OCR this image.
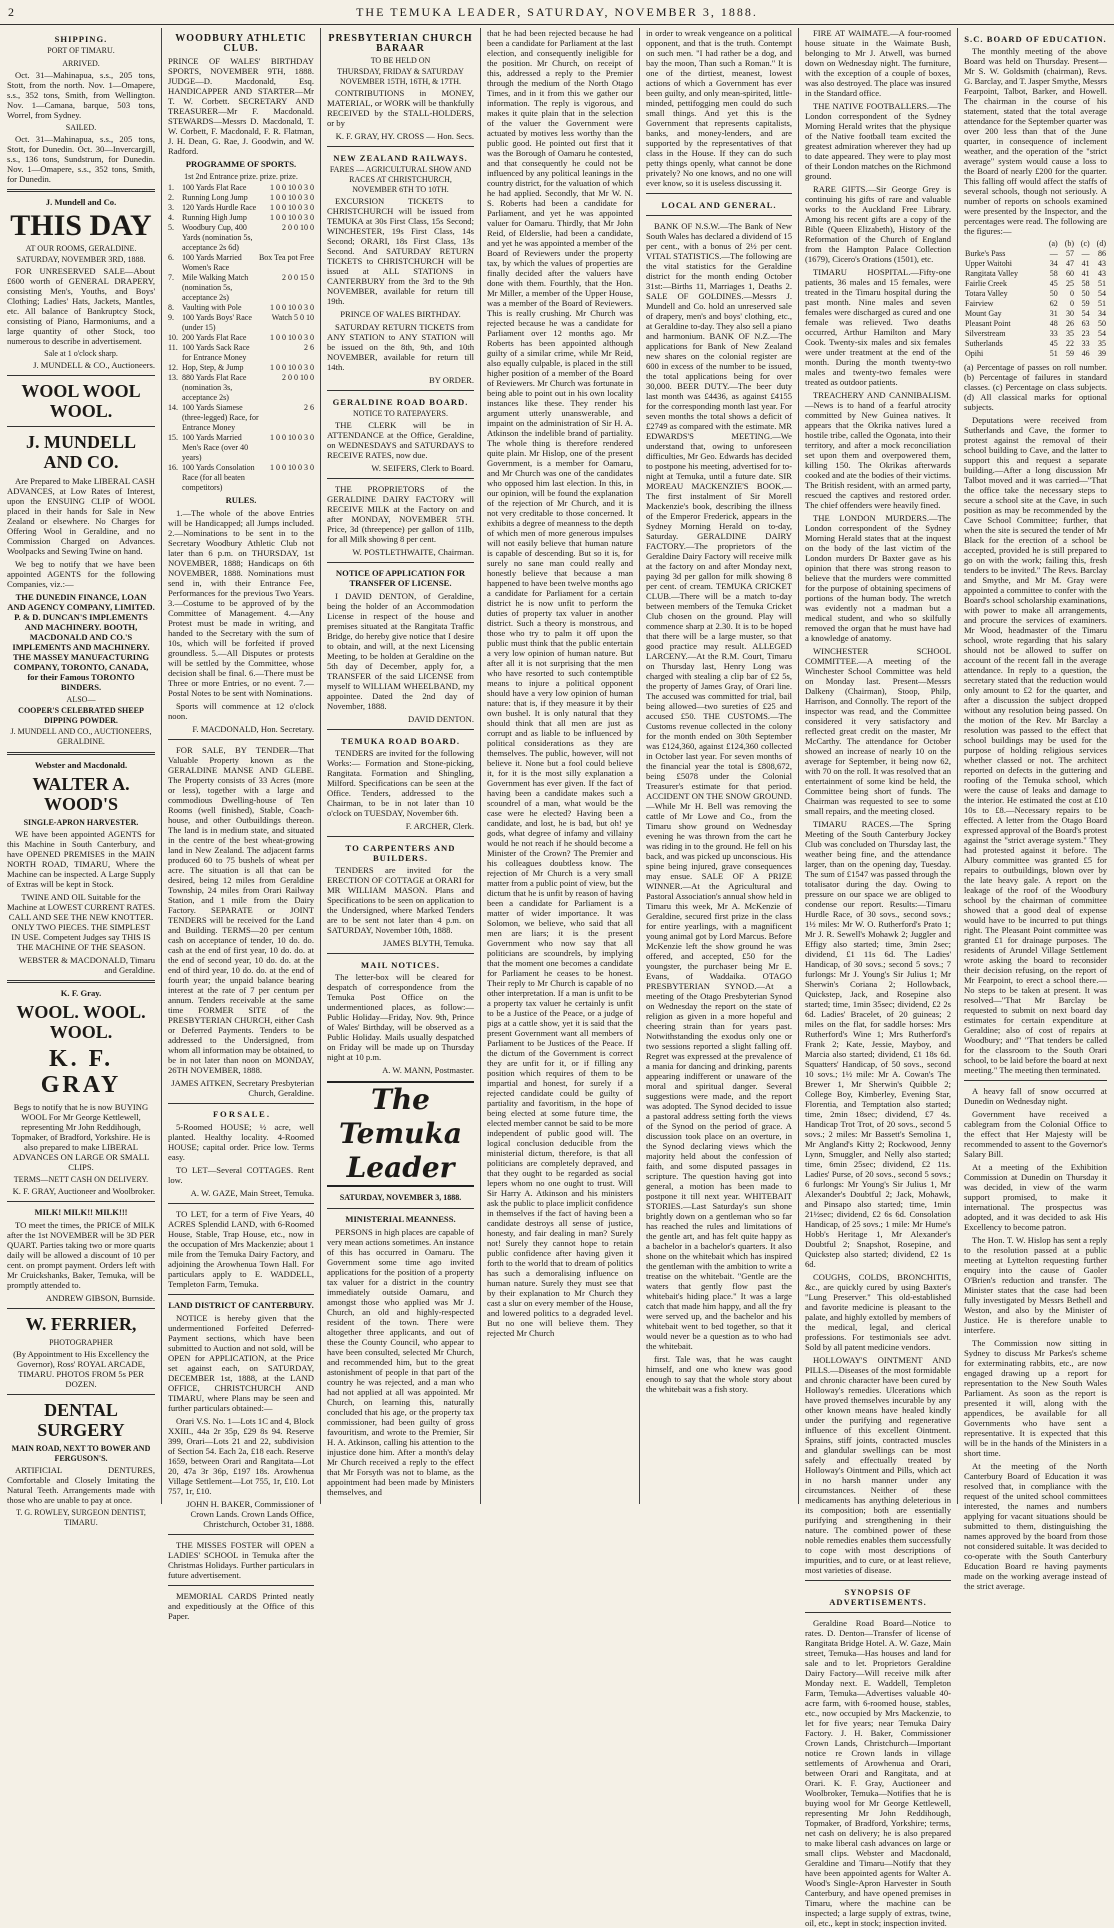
2	THE TEMUKA LEADER, SATURDAY, NOVEMBER 3, 1888.
SHIPPING.
PORT OF TIMARU.
ARRIVED.

Oct. 31—Mahinapua, s.s., 205 tons, Stott, from the north. Nov. 1—Omapere, s.s., 352 tons, Smith, from Wellington. Nov. 1—Camana, barque, 503 tons, Worrel, from Sydney.

SAILED.

Oct. 31—Mahinapua, s.s., 205 tons, Stott, for Dunedin. Oct. 30—Invercargill, s.s., 136 tons, Sundstrum, for Dunedin. Nov. 1—Omapere, s.s., 352 tons, Smith, for Dunedin.

J. Mundell and Co.
THIS DAY
AT OUR ROOMS, GERALDINE.
SATURDAY, NOVEMBER 3RD, 1888.

FOR UNRESERVED SALE—About £600 worth of GENERAL DRAPERY, consisting Men's, Youths, and Boys' Clothing; Ladies' Hats, Jackets, Mantles, etc. All balance of Bankruptcy Stock, consisting of Piano, Harmoniums, and a large quantity of other Stock, too numerous to describe in advertisement.

Sale at 1 o'clock sharp.
J. MUNDELL & CO., Auctioneers.
WOOL WOOL WOOL.
J. MUNDELL AND CO.

Are Prepared to Make LIBERAL CASH ADVANCES, at Low Rates of Interest, upon the ENSUING CLIP of WOOL placed in their hands for Sale in New Zealand or elsewhere. No Charges for Offering Wool in Geraldine, and no Commission Charged on Advances. Woolpacks and Sewing Twine on hand.

We beg to notify that we have been appointed AGENTS for the following Companies, viz.:—

THE DUNEDIN FINANCE, LOAN AND AGENCY COMPANY, LIMITED. P. & D. DUNCAN'S IMPLEMENTS AND MACHINERY. BOOTH, MACDONALD AND CO.'S IMPLEMENTS AND MACHINERY. THE MASSEY MANUFACTURING COMPANY, TORONTO, CANADA, for their Famous TORONTO BINDERS.

ALSO—
COOPER'S CELEBRATED SHEEP DIPPING POWDER.
J. MUNDELL AND CO., AUCTIONEERS, GERALDINE.
Webster and Macdonald.
WALTER A. WOOD'S
SINGLE-APRON HARVESTER.

WE have been appointed AGENTS for this Machine in South Canterbury, and have OPENED PREMISES in the MAIN NORTH ROAD, TIMARU, Where the Machine can be inspected. A Large Supply of Extras will be kept in Stock.

TWINE AND OIL Suitable for the Machine at LOWEST CURRENT RATES. CALL AND SEE THE NEW KNOTTER. ONLY TWO PIECES. THE SIMPLEST IN USE. Competent Judges say THIS IS THE MACHINE OF THE SEASON.

WEBSTER & MACDONALD, Timaru and Geraldine.
K. F. Gray.
WOOL. WOOL. WOOL.
K. F. GRAY

Begs to notify that he is now BUYING WOOL For Mr George Kettlewell, representing Mr John Reddihough, Topmaker, of Bradford, Yorkshire. He is also prepared to make LIBERAL ADVANCES ON LARGE OR SMALL CLIPS.

TERMS—NETT CASH ON DELIVERY.
K. F. GRAY, Auctioneer and Woolbroker.
MILK! MILK!! MILK!!!

TO meet the times, the PRICE of MILK after the 1st NOVEMBER will be 3D PER QUART. Parties taking two or more quarts daily will be allowed a discount of 10 per cent. on prompt payment. Orders left with Mr Cruickshanks, Baker, Temuka, will be promptly attended to.

ANDREW GIBSON, Burnside.
W. FERRIER,
PHOTOGRAPHER

(By Appointment to His Excellency the Governor), Ross' ROYAL ARCADE, TIMARU. PHOTOS FROM 5s PER DOZEN.

DENTAL SURGERY
MAIN ROAD, NEXT TO BOWER AND FERGUSON'S.

ARTIFICIAL DENTURES, Comfortable and Closely Imitating the Natural Teeth. Arrangements made with those who are unable to pay at once.

T. G. ROWLEY, SURGEON DENTIST, TIMARU.
WOODBURY ATHLETIC CLUB.

PRINCE OF WALES' BIRTHDAY SPORTS, NOVEMBER 9TH, 1888. JUDGE—D. Macdonald, Esq. HANDICAPPER AND STARTER—Mr T. W. Corbett. SECRETARY AND TREASURER—Mr F. Macdonald. STEWARDS—Messrs D. Macdonald, T. W. Corbett, F. Macdonald, F. R. Flatman, J. H. Dean, G. Rae, J. Goodwin, and W. Radford.

PROGRAMME OF SPORTS.
1st 2nd Entrance prize. prize. prize.
1.	100 Yards Flat Race	1 0 0 10 0 3 0
2.	Running Long Jump	1 0 0 10 0 3 0
3.	120 Yards Hurdle Race	1 0 0 10 0 3 0
4.	Running High Jump	1 0 0 10 0 3 0
5.	Woodbury Cup, 400 Yards (nomination 5s, acceptance 2s 6d)	2 0 0 10 0
6.	100 Yards Married Women's Race	Box Tea pot Free
7.	Mile Walking Match (nomination 5s, acceptance 2s)	2 0 0 15 0
8.	Vaulting with Pole	1 0 0 10 0 3 0
9.	100 Yards Boys' Race (under 15)	Watch 5 0 10
10.	200 Yards Flat Race	1 0 0 10 0 3 0
11.	100 Yards Sack Race for Entrance Money	2 6
12.	Hop, Step, & Jump	1 0 0 10 0 3 0
13.	880 Yards Flat Race (nomination 3s, acceptance 2s)	2 0 0 10 0
14.	100 Yards Siamese (three-legged) Race, for Entrance Money	2 6
15.	100 Yards Married Men's Race (over 40 years)	1 0 0 10 0 3 0
16.	100 Yards Consolation Race (for all beaten competitors)	1 0 0 10 0 3 0
RULES.

1.—The whole of the above Entries will be Handicapped; all Jumps included. 2.—Nominations to be sent in to the Secretary Woodbury Athletic Club not later than 6 p.m. on THURSDAY, 1st NOVEMBER, 1888; Handicaps on 6th NOVEMBER, 1888. Nominations must send in, with their Entrance Fee, Performances for the previous Two Years. 3.—Costume to be approved of by the Committee of Management. 4.—Any Protest must be made in writing, and handed to the Secretary with the sum of 10s, which will be forfeited if proved groundless. 5.—All Disputes or protests will be settled by the Committee, whose decision shall be final. 6.—There must be Three or more Entries, or no event. 7.—Postal Notes to be sent with Nominations.

Sports will commence at 12 o'clock noon.

F. MACDONALD, Hon. Secretary.

FOR SALE, BY TENDER—That Valuable Property known as the GERALDINE MANSE AND GLEBE. The Property consists of 33 Acres (more or less), together with a large and commodious Dwelling-house of Ten Rooms (well finished), Stable, Coach-house, and other Outbuildings thereon. The land is in medium state, and situated in the centre of the best wheat-growing land in New Zealand. The adjacent farms produced 60 to 75 bushels of wheat per acre. The situation is all that can be desired, being 12 miles from Geraldine Township, 24 miles from Orari Railway Station, and 1 mile from the Dairy Factory. SEPARATE or JOINT TENDERS will be received for the Land and Building. TERMS—20 per centum cash on acceptance of tender, 10 do. do. cash at the end of first year, 10 do. do. at the end of second year, 10 do. do. at the end of third year, 10 do. do. at the end of fourth year; the unpaid balance bearing interest at the rate of 7 per centum per annum. Tenders receivable at the same time FORMER SITE of the PRESBYTERIAN CHURCH, either Cash or Deferred Payments. Tenders to be addressed to the Undersigned, from whom all information may be obtained, to be in not later than noon on MONDAY, 26TH NOVEMBER, 1888.

JAMES AITKEN, Secretary Presbyterian Church, Geraldine.
F O R S A L E .

5-Roomed HOUSE; ½ acre, well planted. Healthy locality. 4-Roomed HOUSE; capital order. Price low. Terms easy.

TO LET—Several COTTAGES. Rent low.

A. W. GAZE, Main Street, Temuka.

TO LET, for a term of Five Years, 40 ACRES Splendid LAND, with 6-Roomed House, Stable, Trap House, etc., now in the occupation of Mrs Mackenzie; about 1 mile from the Temuka Dairy Factory, and adjoining the Arowhenua Town Hall. For particulars apply to E. WADDELL, Templeton Farm, Temuka.

LAND DISTRICT OF CANTERBURY.

NOTICE is hereby given that the undermentioned Forfeited Deferred-Payment sections, which have been submitted to Auction and not sold, will be OPEN for APPLICATION, at the Price set against each, on SATURDAY, DECEMBER 1st, 1888, at the LAND OFFICE, CHRISTCHURCH AND TIMARU, where Plans may be seen and further particulars obtained:—

Orari V.S. No. 1—Lots 1C and 4, Block XXIII., 44a 2r 35p, £29 8s 94. Reserve 399, Orari—Lots 21 and 22, subdivision of Section 54. Each 2a, £18 each. Reserve 1659, between Orari and Rangitata—Lot 20, 47a 3r 36p, £197 18s. Arowhenua Village Settlement—Lot 755, 1r, £10. Lot 757, 1r, £10.

JOHN H. BAKER, Commissioner of Crown Lands. Crown Lands Office, Christchurch, October 31, 1888.

THE MISSES FOSTER will OPEN a LADIES' SCHOOL in Temuka after the Christmas Holidays. Further particulars in future advertisement.

MEMORIAL CARDS Printed neatly and expeditiously at the Office of this Paper.

PRESBYTERIAN CHURCH BARAAR
TO BE HELD ON
THURSDAY, FRIDAY & SATURDAY NOVEMBER 15TH, 16TH, & 17TH.

CONTRIBUTIONS in MONEY, MATERIAL, or WORK will be thankfully RECEIVED by the STALL-HOLDERS, or by

K. F. GRAY, HY. CROSS — Hon. Secs.
NEW ZEALAND RAILWAYS.
FARES — AGRICULTURAL SHOW AND RACES AT CHRISTCHURCH, NOVEMBER 6TH TO 10TH.

EXCURSION TICKETS to CHRISTCHURCH will be issued from TEMUKA at 30s First Class, 15s Second; WINCHESTER, 19s First Class, 14s Second; ORARI, 18s First Class, 13s Second. And SATURDAY RETURN TICKETS to CHRISTCHURCH will be issued at ALL STATIONS in CANTERBURY from the 3rd to the 9th NOVEMBER, available for return till 19th.

PRINCE OF WALES BIRTHDAY.

SATURDAY RETURN TICKETS from ANY STATION to ANY STATION will be issued on the 8th, 9th, and 10th NOVEMBER, available for return till 14th.

BY ORDER.
GERALDINE ROAD BOARD.
NOTICE TO RATEPAYERS.

THE CLERK will be in ATTENDANCE at the Office, Geraldine, on WEDNESDAYS and SATURDAYS to RECEIVE RATES, now due.

W. SEIFERS, Clerk to Board.

THE PROPRIETORS of the GERALDINE DAIRY FACTORY will RECEIVE MILK at the Factory on and after MONDAY, NOVEMBER 5TH. Price, 3d (threepence) per gallon of 11lb, for all Milk showing 8 per cent.

W. POSTLETHWAITE, Chairman.
NOTICE OF APPLICATION FOR TRANSFER OF LICENSE.

I DAVID DENTON, of Geraldine, being the holder of an Accommodation License in respect of the house and premises situated at the Rangitata Traffic Bridge, do hereby give notice that I desire to obtain, and will, at the next Licensing Meeting, to be holden at Geraldine on the 5th day of December, apply for, a TRANSFER of the said LICENSE from myself to WILLIAM WHEELBAND, my appointee. Dated the 2nd day of November, 1888.

DAVID DENTON.
TEMUKA ROAD BOARD.

TENDERS are invited for the following Works:— Formation and Stone-picking, Rangitata. Formation and Shingling, Milford. Specifications can be seen at the Office. Tenders, addressed to the Chairman, to be in not later than 10 o'clock on TUESDAY, November 6th.

F. ARCHER, Clerk.
TO CARPENTERS AND BUILDERS.

TENDERS are invited for the ERECTION OF COTTAGE at ORARI for MR WILLIAM MASON. Plans and Specifications to be seen on application to the Undersigned, where Marked Tenders are to be sent not later than 4 p.m. on SATURDAY, November 10th, 1888.

JAMES BLYTH, Temuka.
MAIL NOTICES.

The letter-box will be cleared for despatch of correspondence from the Temuka Post Office on the undermentioned places, as follow:— Public Holiday—Friday, Nov. 9th, Prince of Wales' Birthday, will be observed as a Public Holiday. Mails usually despatched on Friday will be made up on Thursday night at 10 p.m.

A. W. MANN, Postmaster.
The Temuka Leader
SATURDAY, NOVEMBER 3, 1888.
MINISTERIAL MEANNESS.

PERSONS in high places are capable of very mean actions sometimes. An instance of this has occurred in Oamaru. The Government some time ago invited applications for the position of a property tax valuer for a district in the country immediately outside Oamaru, and amongst those who applied was Mr J. Church, an old and highly-respected resident of the town. There were altogether three applicants, and out of these the County Council, who appear to have been consulted, selected Mr Church, and recommended him, but to the great astonishment of people in that part of the country he was rejected, and a man who had not applied at all was appointed. Mr Church, on learning this, naturally concluded that his age, or the property tax commissioner, had been guilty of gross favouritism, and wrote to the Premier, Sir H. A. Atkinson, calling his attention to the injustice done him. After a month's delay Mr Church received a reply to the effect that Mr Forsyth was not to blame, as the appointment had been made by Ministers themselves, and

that he had been rejected because he had been a candidate for Parliament at the last election, and consequently ineligible for the position. Mr Church, on receipt of this, addressed a reply to the Premier through the medium of the North Otago Times, and in it from this we gather our information. The reply is vigorous, and makes it quite plain that in the selection of the valuer the Government were actuated by motives less worthy than the public good. He pointed out first that it was the Borough of Oamaru he contested, and that consequently he could not be influenced by any political leanings in the country district, for the valuation of which he had applied. Secondly, that Mr W. N. S. Roberts had been a candidate for Parliament, and yet he was appointed valuer for Oamaru. Thirdly, that Mr John Reid, of Elderslie, had been a candidate, and yet he was appointed a member of the Board of Reviewers under the property tax, by which the values of properties are finally decided after the valuers have done with them. Fourthly, that the Hon. Mr Miller, a member of the Upper House, was a member of the Board of Reviewers. This is really crushing. Mr Church was rejected because he was a candidate for Parliament over 12 months ago. Mr Roberts has been appointed although guilty of a similar crime, while Mr Reid, also equally culpable, is placed in the still higher position of a member of the Board of Reviewers. Mr Church was fortunate in being able to point out in his own locality instances like these. They render his argument utterly unanswerable, and impaint on the administration of Sir H. A. Atkinson the indelible brand of partiality. The whole thing is therefore rendered quite plain. Mr Hislop, one of the present Government, is a member for Oamaru, and Mr Church was one of the candidates who opposed him last election. In this, in our opinion, will be found the explanation of the rejection of Mr Church, and it is not very creditable to those concerned. It exhibits a degree of meanness to the depth of which men of more generous impulses will not easily believe that human nature is capable of descending. But so it is, for surely no sane man could really and honestly believe that because a man happened to have been twelve months ago a candidate for Parliament for a certain district he is now unfit to perform the duties of property tax valuer in another district. Such a theory is monstrous, and those who try to palm it off upon the public must think that the public entertain a very low opinion of human nature. But after all it is not surprising that the men who have resorted to such contemptible means to injure a political opponent should have a very low opinion of human nature: that is, if they measure it by their own bushel. It is only natural that they should think that all men are just as corrupt and as liable to be influenced by political considerations as they are themselves. The public, however, will not believe it. None but a fool could believe it, for it is the most silly explanation a Government has ever given. If the fact of having been a candidate makes such a scoundrel of a man, what would be the case were he elected? Having been a candidate, and lost, he is bad, but oh! ye gods, what degree of infamy and villainy would he not reach if he should become a Minister of the Crown? The Premier and his colleagues doubtless know. The rejection of Mr Church is a very small matter from a public point of view, but the dictum that he is unfit by reason of having been a candidate for Parliament is a matter of wider importance. It was Solomon, we believe, who said that all men are liars; it is the present Government who now say that all politicians are scoundrels, by implying that the moment one becomes a candidate for Parliament he ceases to be honest. Their reply to Mr Church is capable of no other interpretation. If a man is unfit to be a property tax valuer he certainly is unfit to be a Justice of the Peace, or a judge of pigs at a cattle show, yet it is said that the present Government want all members of Parliament to be Justices of the Peace. If the dictum of the Government is correct they are unfit for it, or if filling any position which requires of them to be impartial and honest, for surely if a rejected candidate could be guilty of partiality and favoritism, in the hope of being elected at some future time, the elected member cannot be said to be more independent of public good will. The logical conclusion deducible from the ministerial dictum, therefore, is that all politicians are completely depraved, and that they ought to be regarded as social lepers whom no one ought to trust. Will Sir Harry A. Atkinson and his ministers ask the public to place implicit confidence in themselves if the fact of having been a candidate destroys all sense of justice, honesty, and fair dealing in man? Surely not! Surely they cannot hope to retain public confidence after having given it forth to the world that to dream of politics has such a demoralising influence on human nature. Surely they must see that by their explanation to Mr Church they cast a slur on every member of the House, and lowered politics to a degraded level. But no one will believe them. They rejected Mr Church

in order to wreak vengeance on a political opponent, and that is the truth. Contempt on such men. "I had rather be a dog, and bay the moon, Than such a Roman." It is one of the dirtiest, meanest, lowest actions of which a Government has ever been guilty, and only mean-spirited, little-minded, pettifogging men could do such small things. And yet this is the Government that represents capitalists, banks, and money-lenders, and are supported by the representatives of that class in the House. If they can do such petty things openly, what cannot be done privately? No one knows, and no one will ever know, so it is useless discussing it.

LOCAL AND GENERAL.

BANK OF N.S.W.—The Bank of New South Wales has declared a dividend of 15 per cent., with a bonus of 2½ per cent. VITAL STATISTICS.—The following are the vital statistics for the Geraldine district for the month ending October 31st:—Births 11, Marriages 1, Deaths 2. SALE OF GOLDINES.—Messrs J. Mundell and Co. hold an unreserved sale of drapery, men's and boys' clothing, etc., at Geraldine to-day. They also sell a piano and harmonium. BANK OF N.Z.—The applications for Bank of New Zealand new shares on the colonial register are 600 in excess of the number to be issued, the total applications being for over 30,000. BEER DUTY.—The beer duty last month was £4436, as against £4155 for the corresponding month last year. For seven months the total shows a deficit of £2749 as compared with the estimate. MR EDWARDS'S MEETING.—We understand that, owing to unforeseen difficulties, Mr Geo. Edwards has decided to postpone his meeting, advertised for to-night at Temuka, until a future date. SIR MOREAU MACKENZIE'S BOOK.—The first instalment of Sir Morell Mackenzie's book, describing the illness of the Emperor Frederick, appears in the Sydney Morning Herald on to-day, Saturday. GERALDINE DAIRY FACTORY.—The proprietors of the Geraldine Dairy Factory will receive milk at the factory on and after Monday next, paying 3d per gallon for milk showing 8 per cent. of cream. TEMUKA CRICKET CLUB.—There will be a match to-day between members of the Temuka Cricket Club chosen on the ground. Play will commence sharp at 2.30. It is to be hoped that there will be a large muster, so that good practice may result. ALLEGED LARCENY.—At the R.M. Court, Timaru on Thursday last, Henry Long was charged with stealing a clip bar of £2 5s, the property of James Gray, of Orari line. The accused was committed for trial, bail being allowed—two sureties of £25 and accused £50. THE CUSTOMS.—The Customs revenue collected in the colony for the month ended on 30th September was £124,360, against £124,360 collected in October last year. For seven months of the financial year the total is £808,672, being £5078 under the Colonial Treasurer's estimate for that period. ACCIDENT ON THE SNOW GROUND.—While Mr H. Bell was removing the cattle of Mr Lowe and Co., from the Timaru show ground on Wednesday evening he was thrown from the cart he was riding in to the ground. He fell on his back, and was picked up unconscious. His spine being injured, grave consequences may ensue. SALE OF A PRIZE WINNER.—At the Agricultural and Pastoral Association's annual show held in Timaru this week, Mr A. McKenzie of Geraldine, secured first prize in the class for entire yearlings, with a magnificent young animal got by Lord Marcus. Before McKenzie left the show ground he was offered, and accepted, £50 for the youngster, the purchaser being Mr E. Evans, of Waddaika. OTAGO PRESBYTERIAN SYNOD.—At a meeting of the Otago Presbyterian Synod on Wednesday the report on the state of religion as given in a more hopeful and cheering strain than for years past. Notwithstanding the exodus only one or two sessions reported a slight falling off. Regret was expressed at the prevalence of a mania for dancing and drinking, parents appearing indifferent or unaware of the moral and spiritual danger. Several suggestions were made, and the report was adopted. The Synod decided to issue a pastoral address setting forth the views of the Synod on the period of grace. A discussion took place on an overture, in the Synod declaring views which the majority held about the confession of faith, and some disputed passages in scripture. The question having got into general, a motion has been made to postpone it till next year. WHITEBAIT STORIES.—Last Saturday's sun shone brightly down on a gentleman who so far has reached the rules and limitations of the gentle art, and has felt quite happy as a bachelor in a bachelor's quarters. It also shone on the whitebait which has inspired the gentleman with the ambition to write a treatise on the whitebait. "Gentle are the waters that gently flow past the whitebait's hiding place." It was a large catch that made him happy, and all the fry were served up, and the bachelor and his whitebait went to bed together, so that it would never be a question as to who had the whitebait.

first. Tale was, that he was caught himself, and one who knew was good enough to say that the whole story about the whitebait was a fish story.

FIRE AT WAIMATE.—A four-roomed house situate in the Waimate Bush, belonging to Mr J. Atwell, was burned down on Wednesday night. The furniture, with the exception of a couple of boxes, was also destroyed. The place was insured in the Standard office.

THE NATIVE FOOTBALLERS.—The London correspondent of the Sydney Morning Herald writes that the physique of the Native football team excited the greatest admiration wherever they had up to date appeared. They were to play most of their London matches on the Richmond ground.

RARE GIFTS.—Sir George Grey is continuing his gifts of rare and valuable works to the Auckland Free Library. Among his recent gifts are a copy of the Bible (Queen Elizabeth), History of the Reformation of the Church of England from the Hampton Palace Collection (1679), Cicero's Orations (1501), etc.

TIMARU HOSPITAL.—Fifty-one patients, 36 males and 15 females, were treated in the Timaru hospital during the past month. Nine males and seven females were discharged as cured and one female was relieved. Two deaths occurred, Arthur Hamilton and Mary Cook. Twenty-six males and six females were under treatment at the end of the month. During the month twenty-two males and twenty-two females were treated as outdoor patients.

TREACHERY AND CANNIBALISM.—News is to hand of a fearful atrocity committed by New Guinea natives. It appears that the Okrika natives lured a hostile tribe, called the Ogonata, into their territory, and after a mock reconciliation set upon them and overpowered them, killing 150. The Okrikas afterwards cooked and ate the bodies of their victims. The British resident, with an armed party, rescued the captives and restored order. The chief offenders were heavily fined.

THE LONDON MURDERS.—The London correspondent of the Sydney Morning Herald states that at the inquest on the body of the last victim of the London murders Dr Baxter gave as his opinion that there was strong reason to believe that the murders were committed for the purpose of obtaining specimens of portions of the human body. The wretch was evidently not a madman but a medical student, and who so skilfully removed the organ that he must have had a knowledge of anatomy.

WINCHESTER SCHOOL COMMITTEE.—A meeting of the Winchester School Committee was held on Monday last. Present—Messrs Dalkeny (Chairman), Stoop, Philp, Harrison, and Connolly. The report of the inspector was read, and the Committee considered it very satisfactory and reflected great credit on the master, Mr McCarthy. The attendance for October showed an increase of nearly 10 on the average for September, it being now 62, with 70 on the roll. It was resolved that an entertainment of some kind be held, the Committee being short of funds. The Chairman was requested to see to some small repairs, and the meeting closed.

TIMARU RACES.—The Spring Meeting of the South Canterbury Jockey Club was concluded on Thursday last, the weather being fine, and the attendance larger, than on the opening day, Tuesday. The sum of £1547 was passed through the totalisator during the day. Owing to pressure on our space we are obliged to condense our report. Results:—Timaru Hurdle Race, of 30 sovs., second sovs.; 1½ miles: Mr W. O. Rutherford's Prato 1; Mr J. R. Sewell's Mohawk 2; Juggler and Effigy also started; time, 3min 2sec; dividend, £1 11s 6d. The Ladies' Handicap, of 30 sovs.; second 5 sovs.; 7 furlongs: Mr J. Young's Sir Julius 1; Mr Sherwin's Coriana 2; Hollowback, Quickstep, Jack, and Rosepine also started; time, 1min 35sec; dividend, £2 2s 6d. Ladies' Bracelet, of 20 guineas; 2 miles on the flat, for saddle horses: Mrs Rutherford's Wine 1; Mrs Rutherford's Frank 2; Kate, Jessie, Mayboy, and Marcia also started; dividend, £1 18s 6d. Squatters' Handicap, of 50 sovs., second 10 sovs.; 1½ mile: Mr A. Cowan's The Brewer 1, Mr Sherwin's Quibble 2; College Boy, Kimberley, Evening Star, Florentia, and Temptation also started; time, 2min 18sec; dividend, £7 4s. Handicap Trot Trot, of 20 sovs., second 5 sovs.; 2 miles: Mr Bassett's Semolina 1, Mr Angland's Kitty 2; Rockwood, Jenny Lynn, Smuggler, and Nelly also started; time, 6min 25sec; dividend, £2 11s. Ladies' Purse, of 20 sovs., second 5 sovs.; 6 furlongs: Mr Young's Sir Julius 1, Mr Alexander's Doubtful 2; Jack, Mohawk, and Pinsapo also started; time, 1min 21½sec; dividend, £2 6s 6d. Consolation Handicap, of 25 sovs.; 1 mile: Mr Hume's Hobb's Heritage 1, Mr Alexander's Doubtful 2; Snapshot, Rosepine, and Quickstep also started; dividend, £2 1s 6d.

COUGHS, COLDS, BRONCHITIS, &c., are quickly cured by using Baxter's "Lung Preserver." This old-established and favorite medicine is pleasant to the palate, and highly extolled by members of the medical, legal, and clerical professions. For testimonials see advt. Sold by all patent medicine vendors.

HOLLOWAY'S OINTMENT AND PILLS.—Diseases of the most formidable and chronic character have been cured by Holloway's remedies. Ulcerations which have proved themselves incurable by any other known means have healed kindly under the purifying and regenerative influence of this excellent Ointment. Sprains, stiff joints, contracted muscles and glandular swellings can be most safely and effectually treated by Holloway's Ointment and Pills, which act in no harsh manner under any circumstances. Neither of these medicaments has anything deleterious in its composition; both are essentially purifying and strengthening in their nature. The combined power of these noble remedies enables them successfully to cope with most descriptions of impurities, and to cure, or at least relieve, most varieties of disease.

SYNOPSIS OF ADVERTISEMENTS.

Geraldine Road Board—Notice to rates. D. Denton—Transfer of license of Rangitata Bridge Hotel. A. W. Gaze, Main street, Temuka—Has houses and land for sale and to let. Proprietors Geraldine Dairy Factory—Will receive milk after Monday next. E. Waddell, Templeton Farm, Temuka—Advertises valuable 40-acre farm, with 6-roomed house, stables, etc., now occupied by Mrs Mackenzie, to let for five years; near Temuka Dairy Factory. J. H. Baker, Commissioner Crown Lands, Christchurch—Important notice re Crown lands in village settlements of Arowhenua and Orari, between Orari and Rangitata, and at Orari. K. F. Gray, Auctioneer and Woolbroker, Temuka—Notifies that he is buying wool for Mr George Kettlewell, representing Mr John Reddihough, Topmaker, of Bradford, Yorkshire; terms, net cash on delivery; he is also prepared to make liberal cash advances on large or small clips. Webster and Macdonald, Geraldine and Timaru—Notify that they have been appointed agents for Walter A. Wood's Single-Apron Harvester in South Canterbury, and have opened premises in Timaru, where the machine can be inspected; a large supply of extras, twine, oil, etc., kept in stock; inspection invited.

S.C. BOARD OF EDUCATION.

The monthly meeting of the above Board was held on Thursday. Present—Mr S. W. Goldsmith (chairman), Revs. G. Barclay, and T. Jasper Smythe, Messrs Fearpoint, Talbot, Barker, and Howell. The chairman in the course of his statement, stated that the total average attendance for the September quarter was over 200 less than that of the June quarter, in consequence of inclement weather, and the operation of the "strict average" system would cause a loss to the Board of nearly £200 for the quarter. This falling off would affect the staffs of several schools, though not seriously. A number of reports on schools examined were presented by the Inspector, and the percentages were read. The following are the figures:—

	(a)	(b)	(c)	(d)
Burke's Pass	—	57	—	86
Upper Waitohi	34	47	41	43
Rangitata Valley	58	60	41	43
Fairlie Creek	45	25	58	51
Totara Valley	50	0	50	54
Fairview	62	0	59	51
Mount Gay	31	30	54	34
Pleasant Point	48	26	63	50
Silverstream	33	35	23	54
Sutherlands	45	22	33	35
Opihi	51	59	46	39

(a) Percentage of passes on roll number. (b) Percentage of failures in standard classes. (c) Percentage on class subjects. (d) All classical marks for optional subjects.

Deputations were received from Sutherlands and Cave, the former to protest against the removal of their school building to Cave, and the latter to support this and request a separate building.—After a long discussion Mr Talbot moved and it was carried—"That the office take the necessary steps to secure a school site at the Cave, in such position as may be recommended by the Cave School Committee; further, that when the site is secured the tender of Mr Black for the erection of a school be accepted, provided he is still prepared to go on with the work; failing this, fresh tenders to be invited." The Revs. Barclay and Smythe, and Mr M. Gray were appointed a committee to confer with the Board's school scholarship examinations, with power to make all arrangements, and procure the services of examiners. Mr Wood, headmaster of the Timaru school, wrote regarding that his salary should not be allowed to suffer on account of the recent fall in the average attendance. In reply to a question, the secretary stated that the reduction would only amount to £2 for the quarter, and after a discussion the subject dropped without any resolution being passed. On the motion of the Rev. Mr Barclay a resolution was passed to the effect that school buildings may be used for the purpose of holding religious services whether classed or not. The architect reported on defects in the guttering and roofing of the Temuka school, which were the cause of leaks and damage to the interior. He estimated the cost at £10 10s to £8.—Necessary repairs to be effected. A letter from the Otago Board expressed approval of the Board's protest against the "strict average system." They had protested against it before. The Albury committee was granted £5 for repairs to outbuildings, blown over by the late heavy gale. A report on the leakage of the roof of the Woodbury school by the chairman of committee showed that a good deal of expense would have to be incurred to put things right. The Pleasant Point committee was granted £1 for drainage purposes. The residents of Arundel Village Settlement wrote asking the board to reconsider their decision refusing, on the report of Mr Fearpoint, to erect a school there.—No steps to be taken at present. It was resolved—"That Mr Barclay be requested to submit on next board day estimates for certain expenditure at Geraldine; also of cost of repairs at Woodbury; and" "That tenders be called for the classroom to the South Orari school, to be laid before the board at next meeting." The meeting then terminated.

A heavy fall of snow occurred at Dunedin on Wednesday night.

Government have received a cablegram from the Colonial Office to the effect that Her Majesty will be recommended to assent to the Governor's Salary Bill.

At a meeting of the Exhibition Commission at Dunedin on Thursday it was decided, in view of the warm support promised, to make it international. The prospectus was adopted, and it was decided to ask His Excellency to become patron.

The Hon. T. W. Hislop has sent a reply to the resolution passed at a public meeting at Lyttelton requesting further enquiry into the cause of Gaoler O'Brien's reduction and transfer. The Minister states that the case had been fully investigated by Messrs Bethell and Weston, and also by the Minister of Justice. He is therefore unable to interfere.

The Commission now sitting in Sydney to discuss Mr Parkes's scheme for exterminating rabbits, etc., are now engaged drawing up a report for representation to the New South Wales Parliament. As soon as the report is presented it will, along with the appendices, be available for all Governments who have sent a representative. It is expected that this will be in the hands of the Ministers in a short time.

At the meeting of the North Canterbury Board of Education it was resolved that, in compliance with the request of the united school committees interested, the names and numbers applying for vacant situations should be submitted to them, distinguishing the names approved by the board from those not considered suitable. It was decided to co-operate with the South Canterbury Education Board re having payments made on the working average instead of the strict average.
